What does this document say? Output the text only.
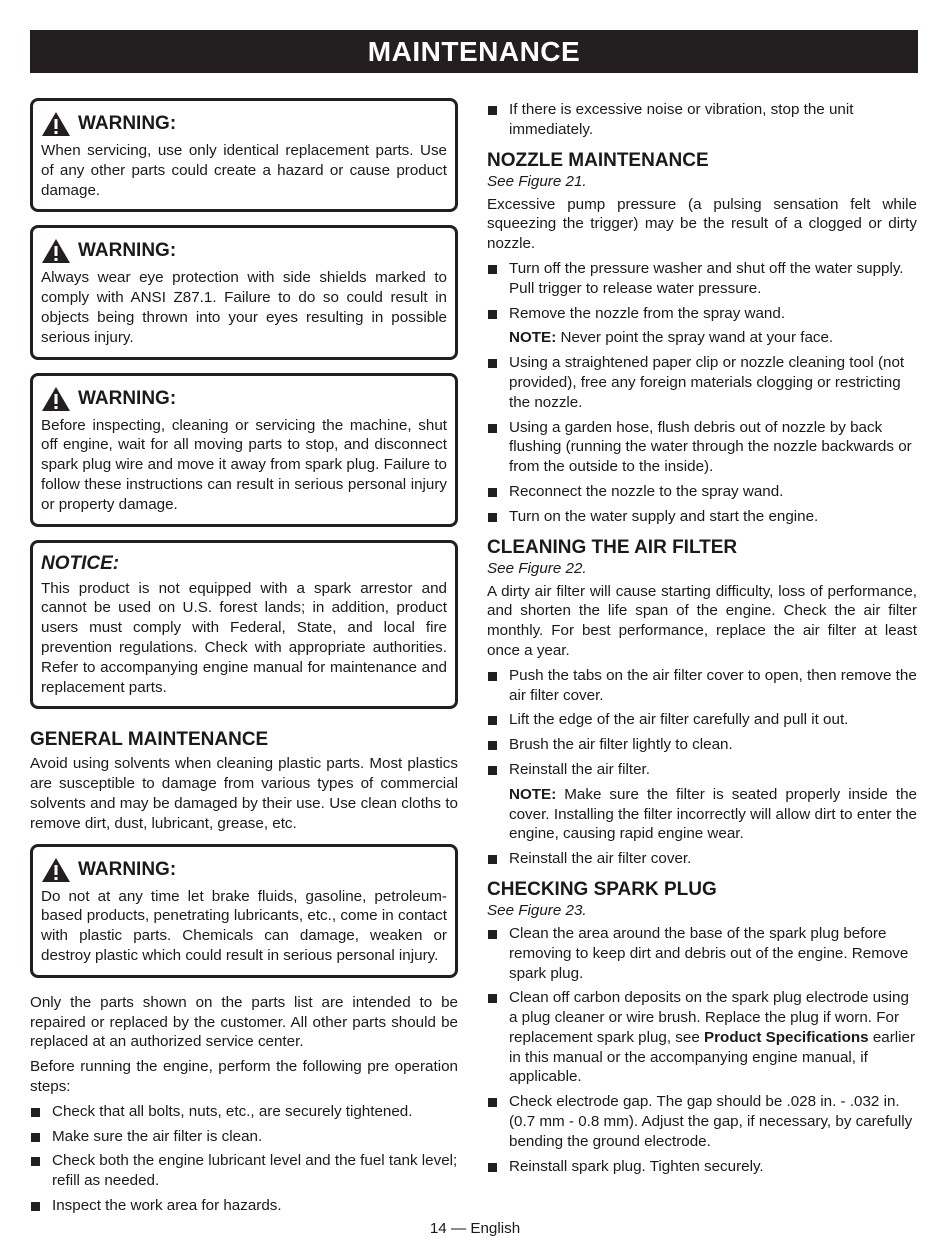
MAINTENANCE
WARNING:

When servicing, use only identical replacement parts. Use of any other parts could create a hazard or cause product damage.

WARNING:

Always wear eye protection with side shields marked to comply with ANSI Z87.1. Failure to do so could result in objects being thrown into your eyes resulting in possible serious injury.

WARNING:

Before inspecting, cleaning or servicing the machine, shut off engine, wait for all moving parts to stop, and disconnect spark plug wire and move it away from spark plug. Failure to follow these instructions can result in serious personal injury or property damage.

NOTICE:

This product is not equipped with a spark arrestor and cannot be used on U.S. forest lands; in addition, product users must comply with Federal, State, and local fire prevention regulations. Check with appropriate authorities. Refer to accompanying engine manual for maintenance and replacement parts.

GENERAL MAINTENANCE

Avoid using solvents when cleaning plastic parts. Most plastics are susceptible to damage from various types of commercial solvents and may be damaged by their use. Use clean cloths to remove dirt, dust, lubricant, grease, etc.

WARNING:

Do not at any time let brake fluids, gasoline, petroleum-based products, penetrating lubricants, etc., come in contact with plastic parts. Chemicals can damage, weaken or destroy plastic which could result in serious personal injury.

Only the parts shown on the parts list are intended to be repaired or replaced by the customer. All other parts should be replaced at an authorized service center.

Before running the engine, perform the following pre operation steps:

Check that all bolts, nuts, etc., are securely tightened.
Make sure the air filter is clean.
Check both the engine lubricant level and the fuel tank level; refill as needed.
Inspect the work area for hazards.
If there is excessive noise or vibration, stop the unit immediately.
NOZZLE MAINTENANCE
See Figure 21.

Excessive pump pressure (a pulsing sensation felt while squeezing the trigger) may be the result of a clogged or dirty nozzle.

Turn off the pressure washer and shut off the water supply. Pull trigger to release water pressure.
Remove the nozzle from the spray wand.
NOTE: Never point the spray wand at your face.
Using a straightened paper clip or nozzle cleaning tool (not provided), free any foreign materials clogging or restricting the nozzle.
Using a garden hose, flush debris out of nozzle by back flushing (running the water through the nozzle backwards or from the outside to the inside).
Reconnect the nozzle to the spray wand.
Turn on the water supply and start the engine.
CLEANING THE AIR FILTER
See Figure 22.

A dirty air filter will cause starting difficulty, loss of performance, and shorten the life span of the engine. Check the air filter monthly. For best performance, replace the air filter at least once a year.

Push the tabs on the air filter cover to open, then remove the air filter cover.
Lift the edge of the air filter carefully and pull it out.
Brush the air filter lightly to clean.
Reinstall the air filter.
NOTE: Make sure the filter is seated properly inside the cover. Installing the filter incorrectly will allow dirt to enter the engine, causing rapid engine wear.
Reinstall the air filter cover.
CHECKING SPARK PLUG
See Figure 23.
Clean the area around the base of the spark plug before removing to keep dirt and debris out of the engine. Remove spark plug.
Clean off carbon deposits on the spark plug electrode using a plug cleaner or wire brush. Replace the plug if worn. For replacement spark plug, see Product Specifications earlier in this manual or the accompanying engine manual, if applicable.
Check electrode gap. The gap should be .028 in. - .032 in. (0.7 mm - 0.8 mm). Adjust the gap, if necessary, by carefully bending the ground electrode.
Reinstall spark plug. Tighten securely.
14 — English
